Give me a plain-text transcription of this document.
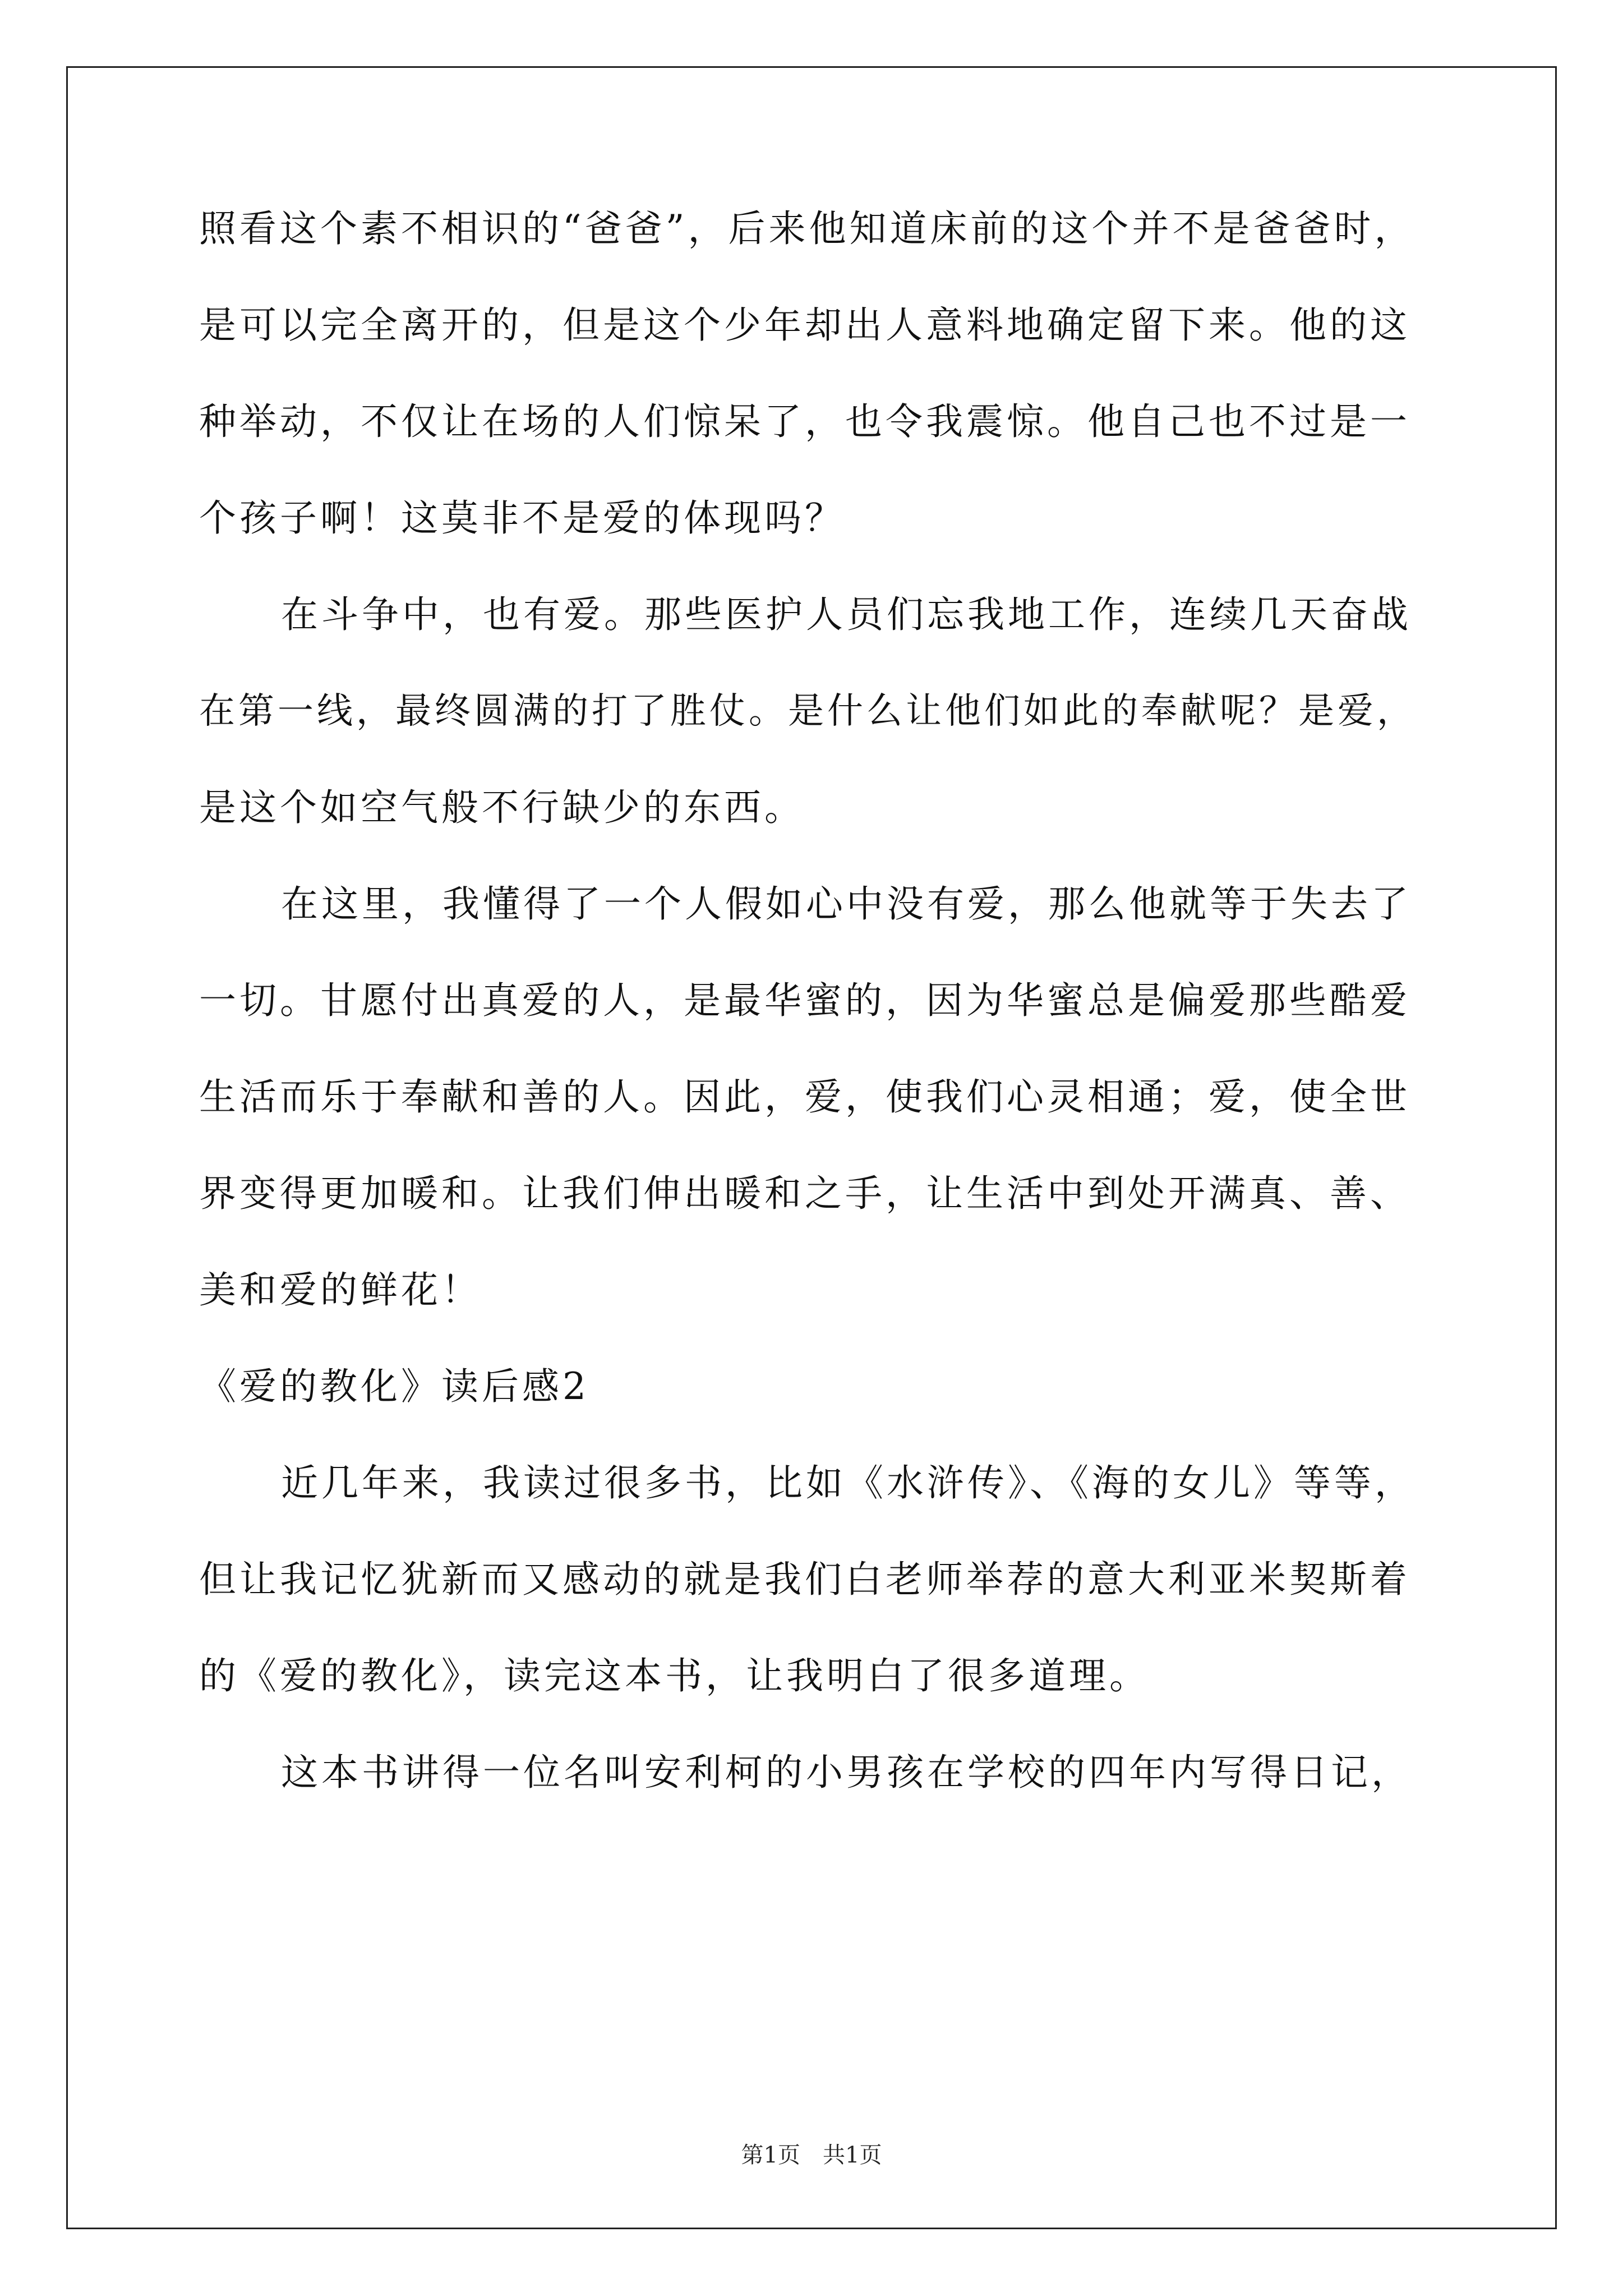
照看这个素不相识的“爸爸”，后来他知道床前的这个并不是爸爸时，
是可以完全离开的，但是这个少年却出人意料地确定留下来。他的这
种举动，不仅让在场的人们惊呆了，也令我震惊。他自己也不过是一
个孩子啊！这莫非不是爱的体现吗？
在斗争中，也有爱。那些医护人员们忘我地工作，连续几天奋战
在第一线，最终圆满的打了胜仗。是什么让他们如此的奉献呢？是爱，
是这个如空气般不行缺少的东西。
在这里，我懂得了一个人假如心中没有爱，那么他就等于失去了
一切。甘愿付出真爱的人，是最华蜜的，因为华蜜总是偏爱那些酷爱
生活而乐于奉献和善的人。因此，爱，使我们心灵相通；爱，使全世
界变得更加暖和。让我们伸出暖和之手，让生活中到处开满真、善、
美和爱的鲜花！
《爱的教化》读后感2
近几年来，我读过很多书，比如《水浒传》、《海的女儿》等等，
但让我记忆犹新而又感动的就是我们白老师举荐的意大利亚米契斯着
的《爱的教化》，读完这本书，让我明白了很多道理。
这本书讲得一位名叫安利柯的小男孩在学校的四年内写得日记，
第1页 共1页
